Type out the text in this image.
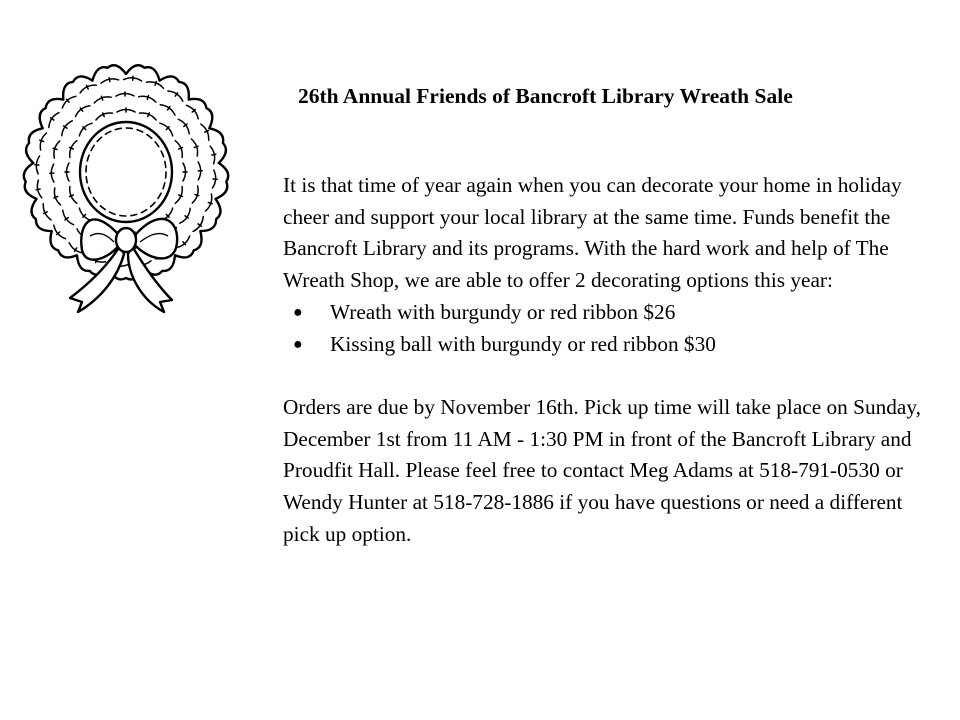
26th Annual Friends of Bancroft Library Wreath Sale

It is that time of year again when you can decorate your home in holiday cheer and support your local library at the same time. Funds benefit the Bancroft Library and its programs. With the hard work and help of The Wreath Shop, we are able to offer 2 decorating options this year:

● Wreath with burgundy or red ribbon $26
● Kissing ball with burgundy or red ribbon $30

Orders are due by November 16th. Pick up time will take place on Sunday, December 1st from 11 AM - 1:30 PM in front of the Bancroft Library and Proudfit Hall. Please feel free to contact Meg Adams at 518-791-0530 or Wendy Hunter at 518-728-1886 if you have questions or need a different pick up option.
